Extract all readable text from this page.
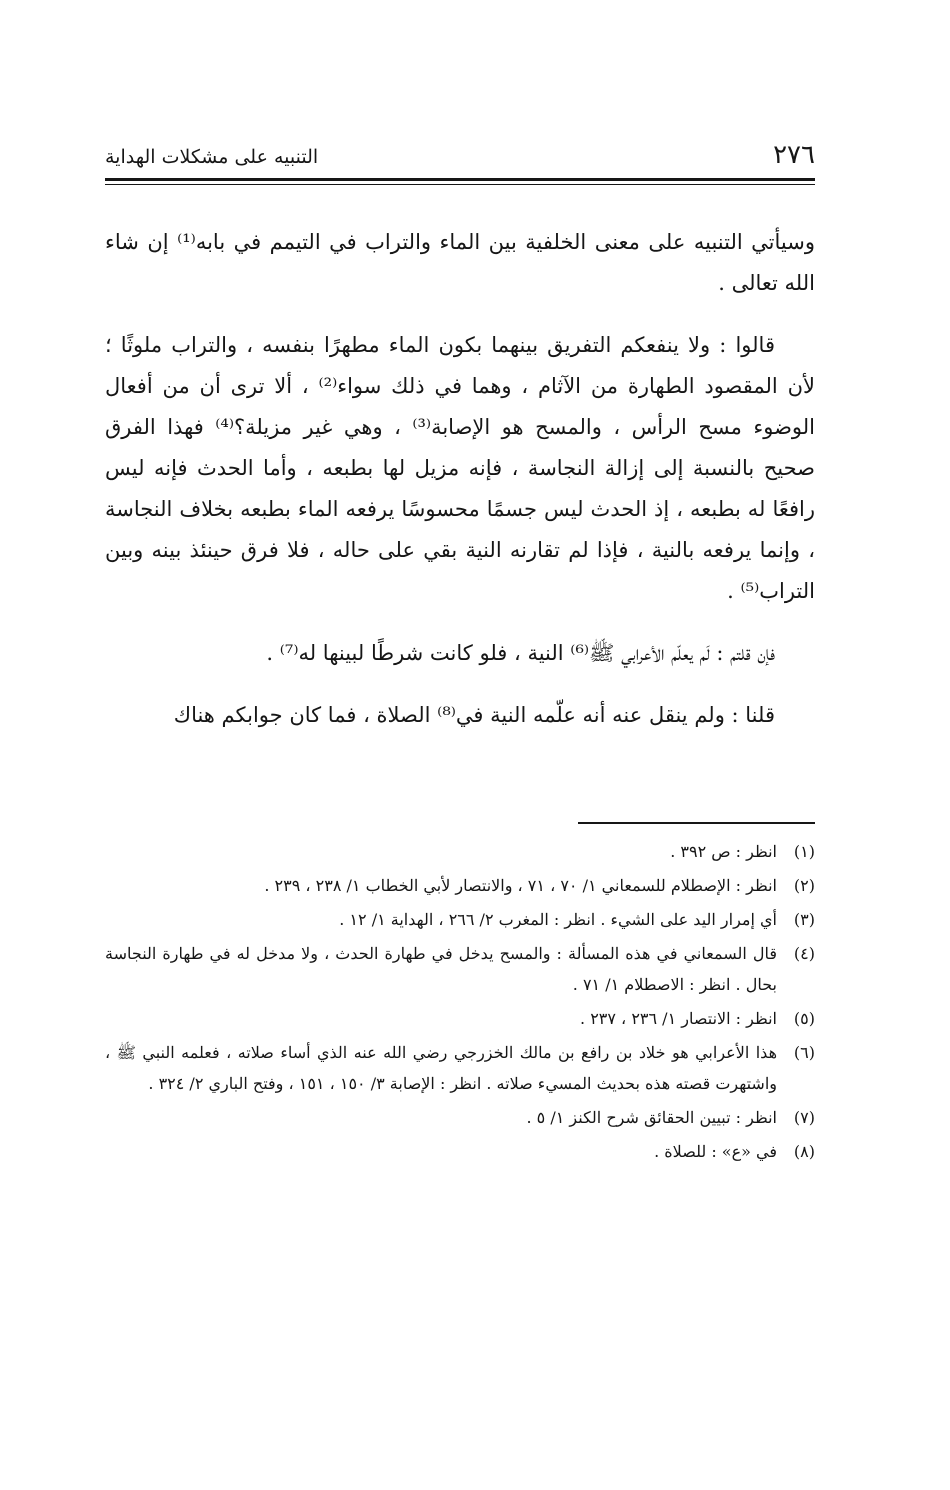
٢٧٦
التنبيه على مشكلات الهداية

وسيأتي التنبيه على معنى الخلفية بين الماء والتراب في التيمم في بابه⁽¹⁾ إن شاء الله تعالى .

قالوا : ولا ينفعكم التفريق بينهما بكون الماء مطهرًا بنفسه ، والتراب ملوثًا ؛ لأن المقصود الطهارة من الآثام ، وهما في ذلك سواء⁽²⁾ ، ألا ترى أن من أفعال الوضوء مسح الرأس ، والمسح هو الإصابة⁽³⁾ ، وهي غير مزيلة؟⁽⁴⁾ فهذا الفرق صحيح بالنسبة إلى إزالة النجاسة ، فإنه مزيل لها بطبعه ، وأما الحدث فإنه ليس رافعًا له بطبعه ، إذ الحدث ليس جسمًا محسوسًا يرفعه الماء بطبعه بخلاف النجاسة ، وإنما يرفعه بالنية ، فإذا لم تقارنه النية بقي على حاله ، فلا فرق حينئذ بينه وبين التراب⁽⁵⁾ .

فإن قلتم : لَم يعلّم الأعرابي ﷺ⁽⁶⁾ النية ، فلو كانت شرطًا لبينها له⁽⁷⁾ .

قلنا : ولم ينقل عنه أنه علّمه النية في⁽⁸⁾ الصلاة ، فما كان جوابكم هناك

(١)
انظر : ص ٣٩٢ .
(٢)
انظر : الإصطلام للسمعاني ١/ ٧٠ ، ٧١ ، والانتصار لأبي الخطاب ١/ ٢٣٨ ، ٢٣٩ .
(٣)
أي إمرار اليد على الشيء . انظر : المغرب ٢/ ٢٦٦ ، الهداية ١/ ١٢ .
(٤)
قال السمعاني في هذه المسألة : والمسح يدخل في طهارة الحدث ، ولا مدخل له في طهارة النجاسة بحال . انظر : الاصطلام ١/ ٧١ .
(٥)
انظر : الانتصار ١/ ٢٣٦ ، ٢٣٧ .
(٦)
هذا الأعرابي هو خلاد بن رافع بن مالك الخزرجي رضي الله عنه الذي أساء صلاته ، فعلمه النبي ﷺ ، واشتهرت قصته هذه بحديث المسيء صلاته . انظر : الإصابة ٣/ ١٥٠ ، ١٥١ ، وفتح الباري ٢/ ٣٢٤ .
(٧)
انظر : تبيين الحقائق شرح الكنز ١/ ٥ .
(٨)
في «ع» : للصلاة .
